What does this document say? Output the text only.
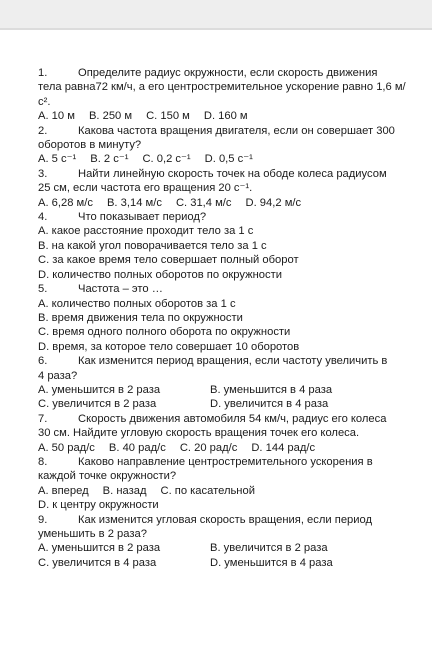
1.	Определите радиус окружности, если скорость движения
тела равна72 км/ч, а его центростремительное ускорение равно 1,6 м/с².
А. 10 м В. 250 м С. 150 м D. 160 м
2.	Какова частота вращения двигателя, если он совершает 300
оборотов в минуту?
А. 5 с⁻¹ В. 2 с⁻¹ С. 0,2 с⁻¹ D. 0,5 с⁻¹
3.	Найти линейную скорость точек на ободе колеса радиусом
25 см, если частота его вращения 20 с⁻¹.
А. 6,28 м/с В. 3,14 м/с С. 31,4 м/с D. 94,2 м/с
4.	Что показывает период?
А. какое расстояние проходит тело за 1 с
В. на какой угол поворачивается тело за 1 с
С. за какое время тело совершает полный оборот
D. количество полных оборотов по окружности
5.	Частота – это …
А. количество полных оборотов за 1 с
В. время движения тела по окружности
С. время одного полного оборота по окружности
D. время, за которое тело совершает 10 оборотов
6.	Как изменится период вращения, если частоту увеличить в
4 раза?
А. уменьшится в 2 раза	В. уменьшится в 4 раза
С. увеличится в 2 раза	D. увеличится в 4 раза
7.	Скорость движения автомобиля 54 км/ч, радиус его колеса
30 см. Найдите угловую скорость вращения точек его колеса.
А. 50 рад/с В. 40 рад/с С. 20 рад/с D. 144 рад/с
8.	Каково направление центростремительного ускорения в
каждой точке окружности?
А. вперед В. назад С. по касательной
D. к центру окружности
9.	Как изменится угловая скорость вращения, если период
уменьшить в 2 раза?
А. уменьшится в 2 раза	В. увеличится в 2 раза
С. увеличится в 4 раза	D. уменьшится в 4 раза
